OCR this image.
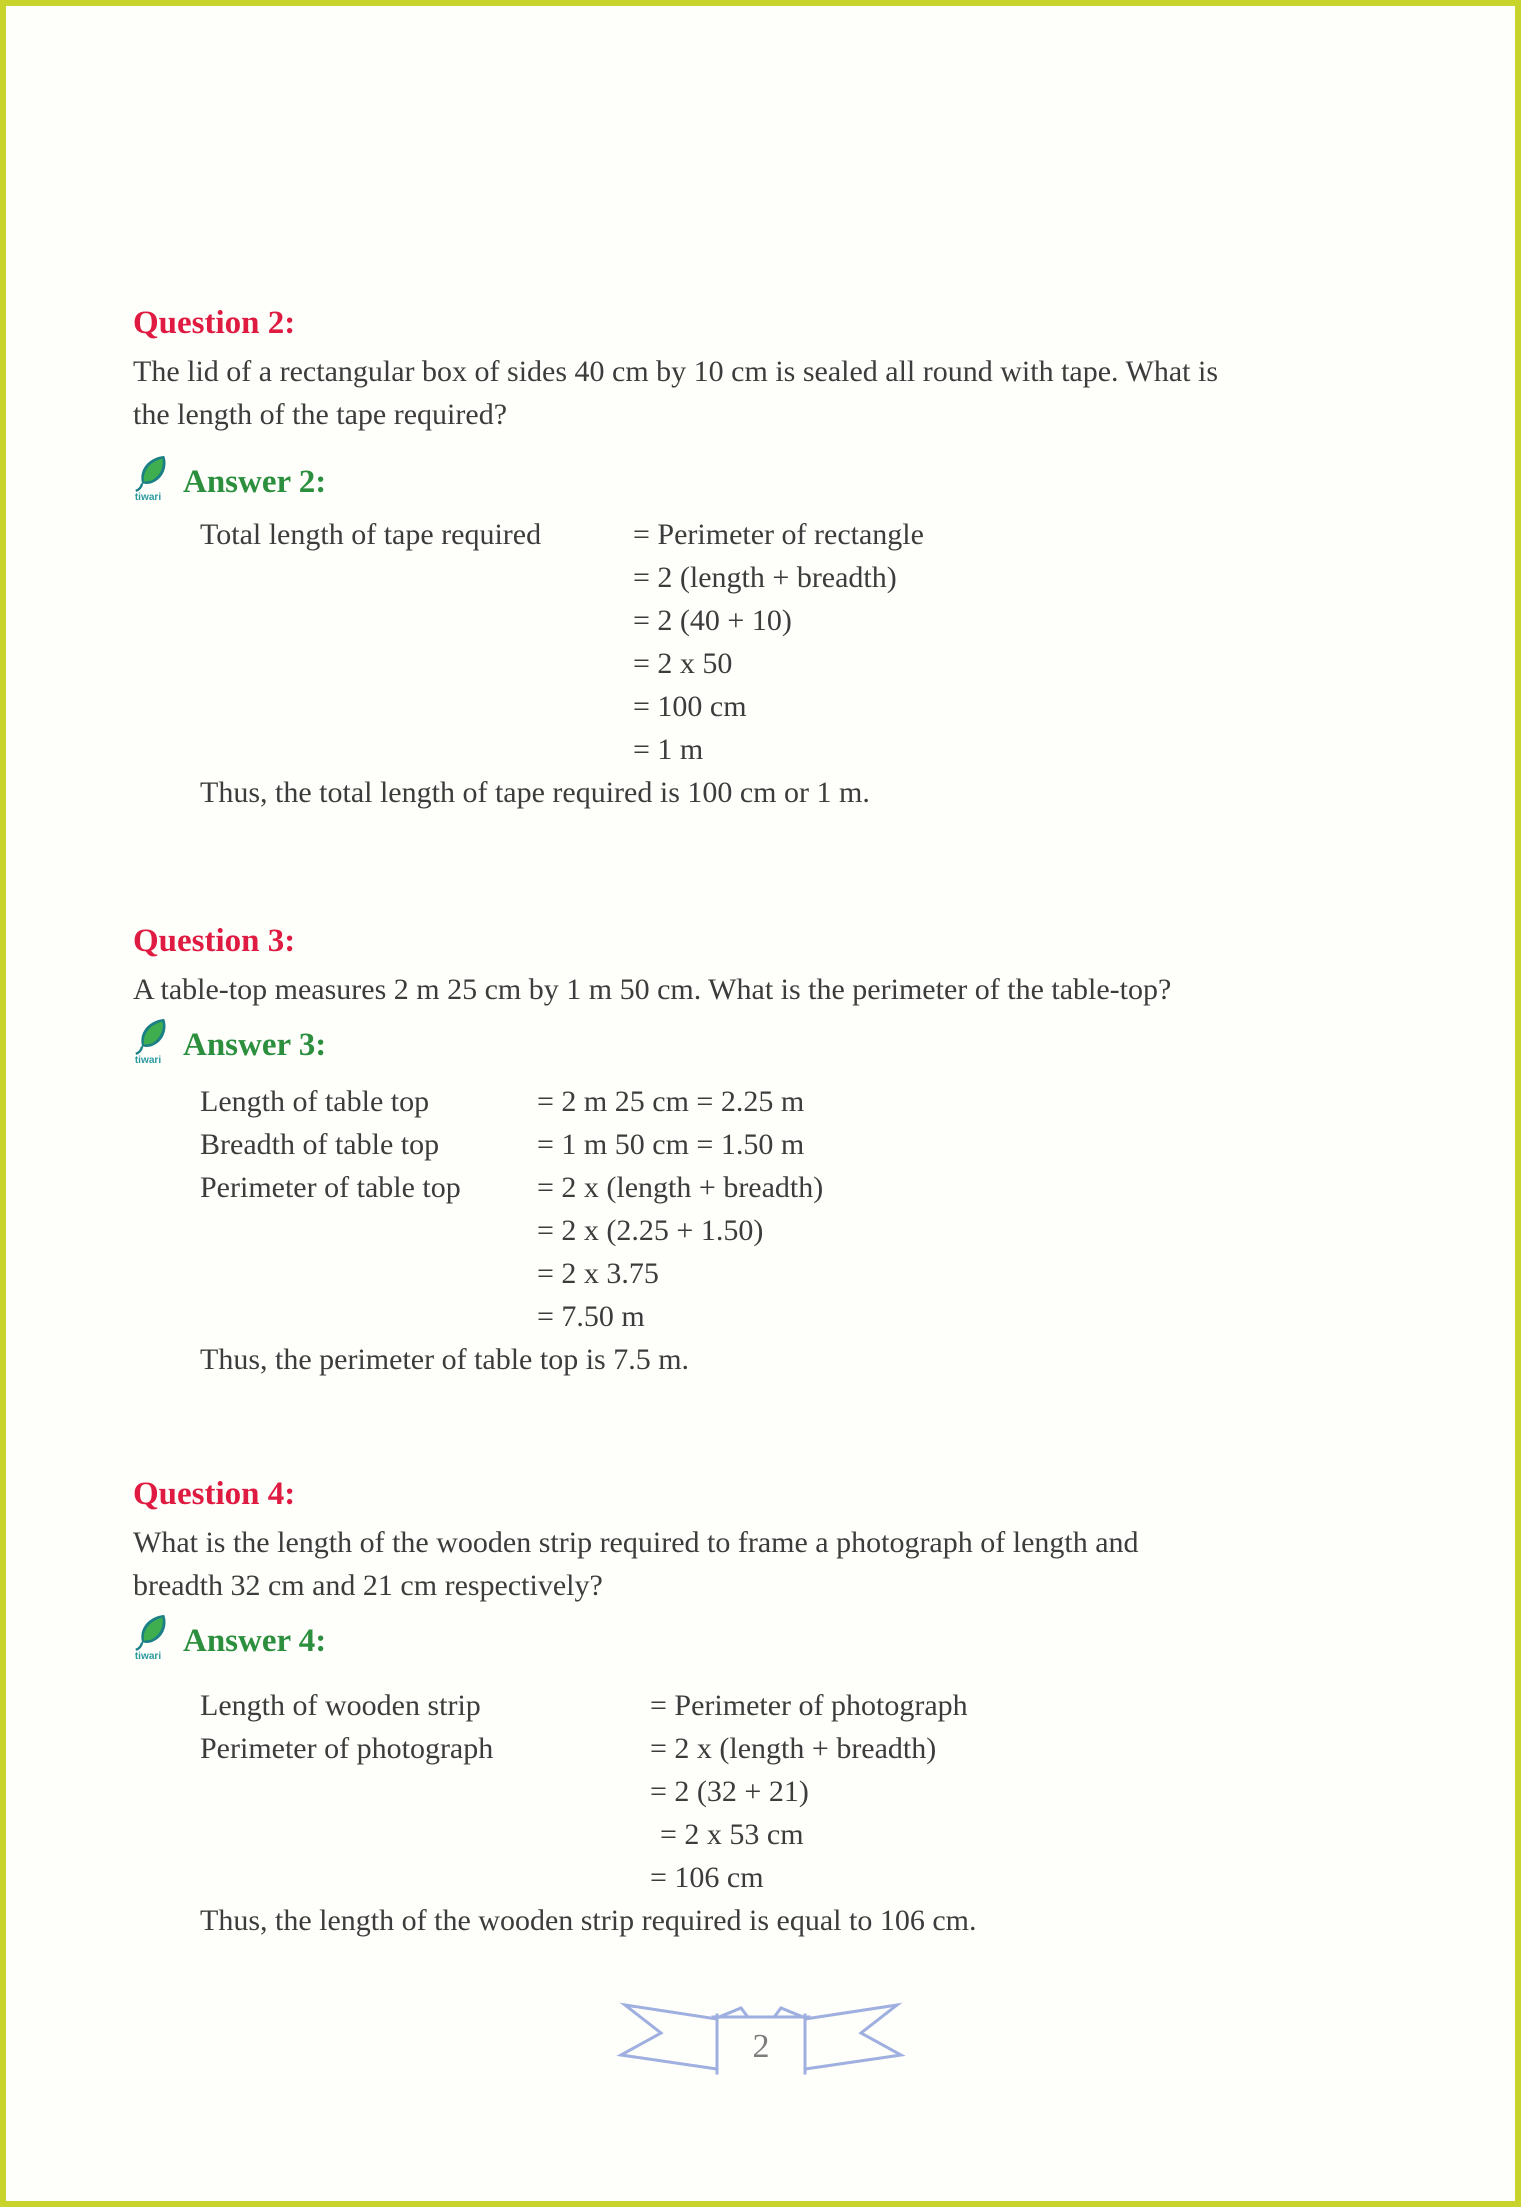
Question 2:
The lid of a rectangular box of sides 40 cm by 10 cm is sealed all round with tape. What is
the length of the tape required?
tiwari Answer 2:
Total length of tape required	= Perimeter of rectangle
= 2 (length + breadth)
= 2 (40 + 10)
= 2 x 50
= 100 cm
= 1 m
Thus, the total length of tape required is 100 cm or 1 m.
Question 3:
A table-top measures 2 m 25 cm by 1 m 50 cm. What is the perimeter of the table-top?
tiwari Answer 3:
Length of table top	= 2 m 25 cm = 2.25 m
Breadth of table top	= 1 m 50 cm = 1.50 m
Perimeter of table top	= 2 x (length + breadth)
= 2 x (2.25 + 1.50)
= 2 x 3.75
= 7.50 m
Thus, the perimeter of table top is 7.5 m.
Question 4:
What is the length of the wooden strip required to frame a photograph of length and
breadth 32 cm and 21 cm respectively?
tiwari Answer 4:
Length of wooden strip	= Perimeter of photograph
Perimeter of photograph	= 2 x (length + breadth)
= 2 (32 + 21)
= 2 x 53 cm
= 106 cm
Thus, the length of the wooden strip required is equal to 106 cm.
2
